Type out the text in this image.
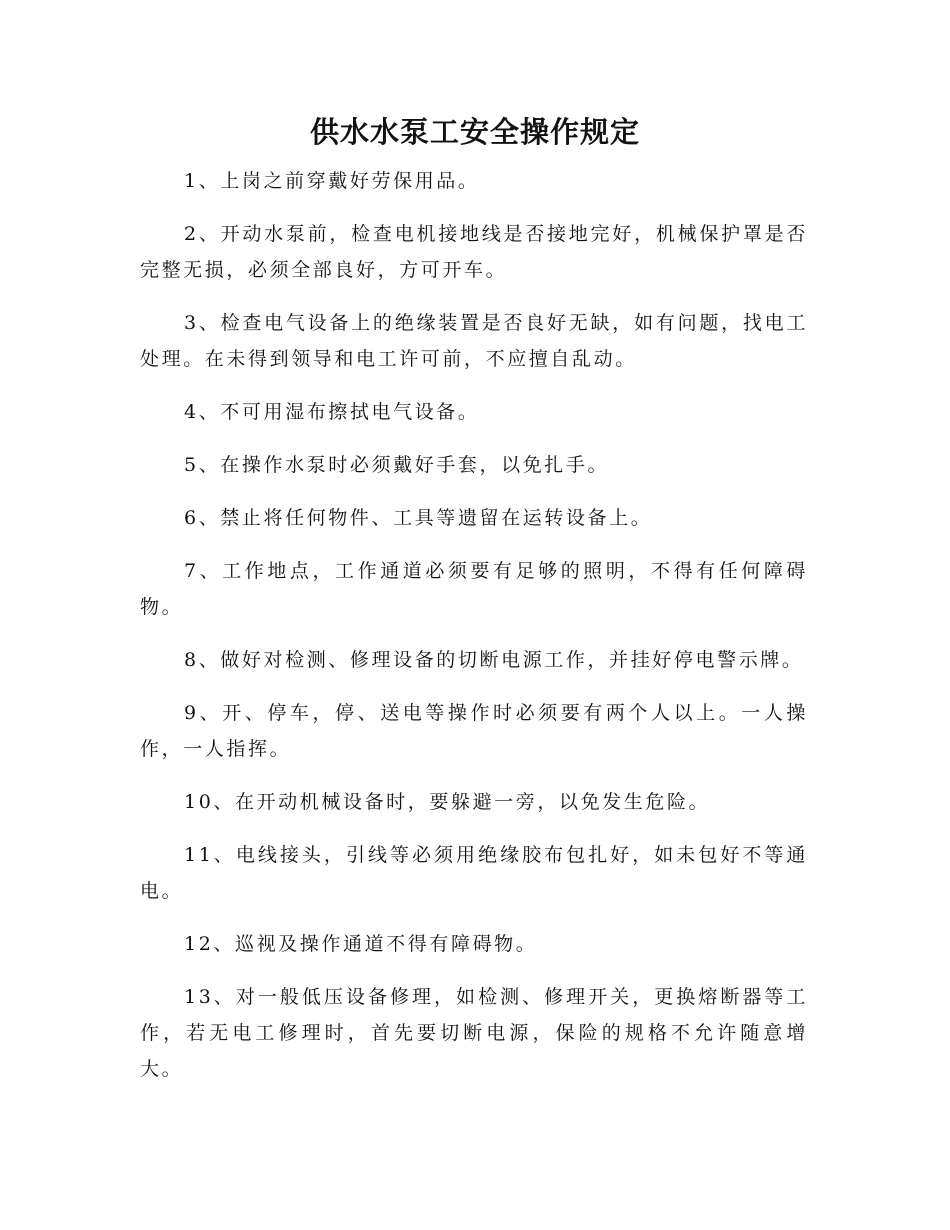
供水水泵工安全操作规定

1、上岗之前穿戴好劳保用品。

2、开动水泵前，检查电机接地线是否接地完好，机械保护罩是否完整无损，必须全部良好，方可开车。

3、检查电气设备上的绝缘装置是否良好无缺，如有问题，找电工处理。在未得到领导和电工许可前，不应擅自乱动。

4、不可用湿布擦拭电气设备。

5、在操作水泵时必须戴好手套，以免扎手。

6、禁止将任何物件、工具等遗留在运转设备上。

7、工作地点，工作通道必须要有足够的照明，不得有任何障碍物。

8、做好对检测、修理设备的切断电源工作，并挂好停电警示牌。

9、开、停车，停、送电等操作时必须要有两个人以上。一人操作，一人指挥。

10、在开动机械设备时，要躲避一旁，以免发生危险。

11、电线接头，引线等必须用绝缘胶布包扎好，如未包好不等通电。

12、巡视及操作通道不得有障碍物。

13、对一般低压设备修理，如检测、修理开关，更换熔断器等工作，若无电工修理时，首先要切断电源，保险的规格不允许随意增大。
